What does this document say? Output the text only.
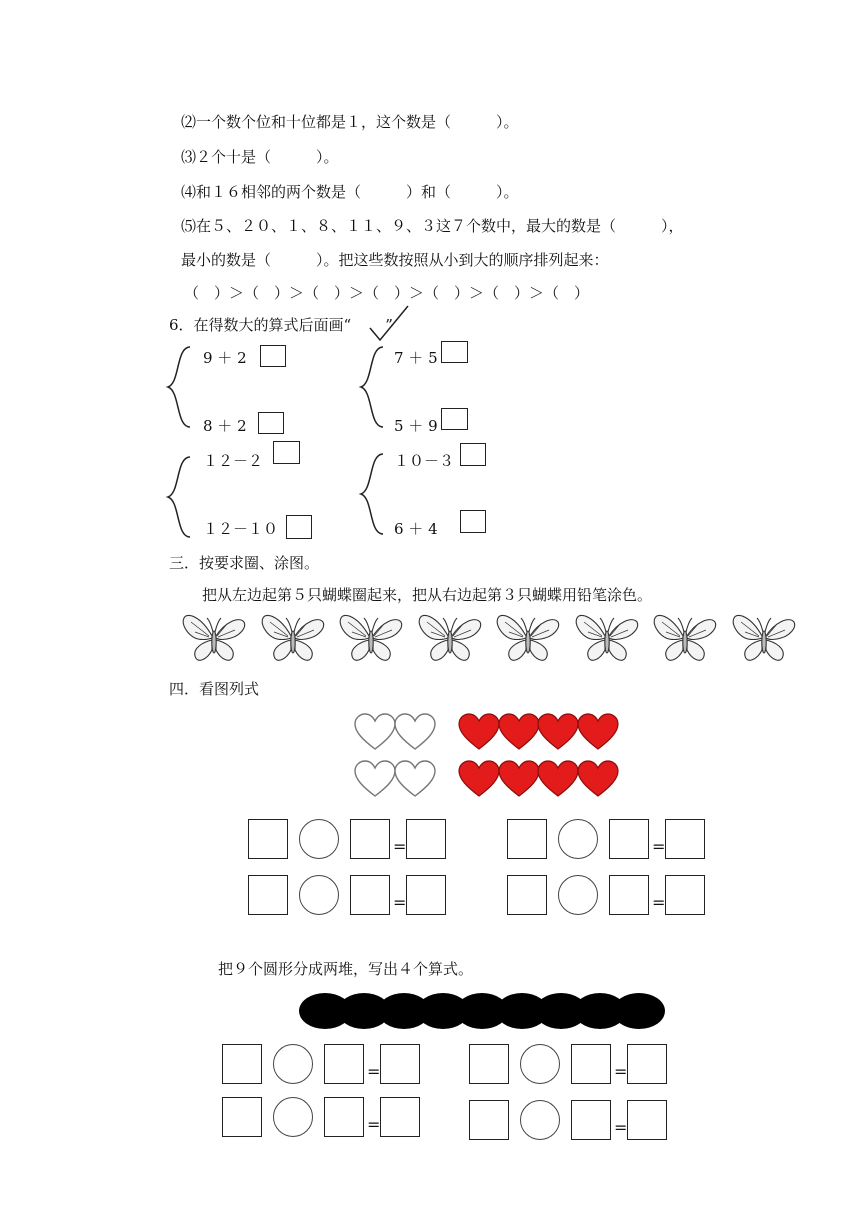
⑵一个数个位和十位都是１，这个数是（　　　）。
⑶２个十是（　　　）。
⑷和１６相邻的两个数是（　　　）和（　　　）。
⑸在５、２０、１、８、１１、９、３这７个数中，最大的数是（　　　），
最小的数是（　　　）。把这些数按照从小到大的顺序排列起来：
（　）＞（　）＞（　）＞（　）＞（　）＞（　）＞（　）
6．在得数大的算式后面画“ ”
9 ＋ 2
8 ＋ 2
7 ＋ 5
5 ＋ 9
１２－２
１２－１０
１０－３
6 ＋ 4
三．按要求圈、涂图。
把从左边起第５只蝴蝶圈起来，把从右边起第３只蝴蝶用铅笔涂色。
四．看图列式
=	=
=	=
把９个圆形分成两堆，写出４个算式。
=	=
=	=
